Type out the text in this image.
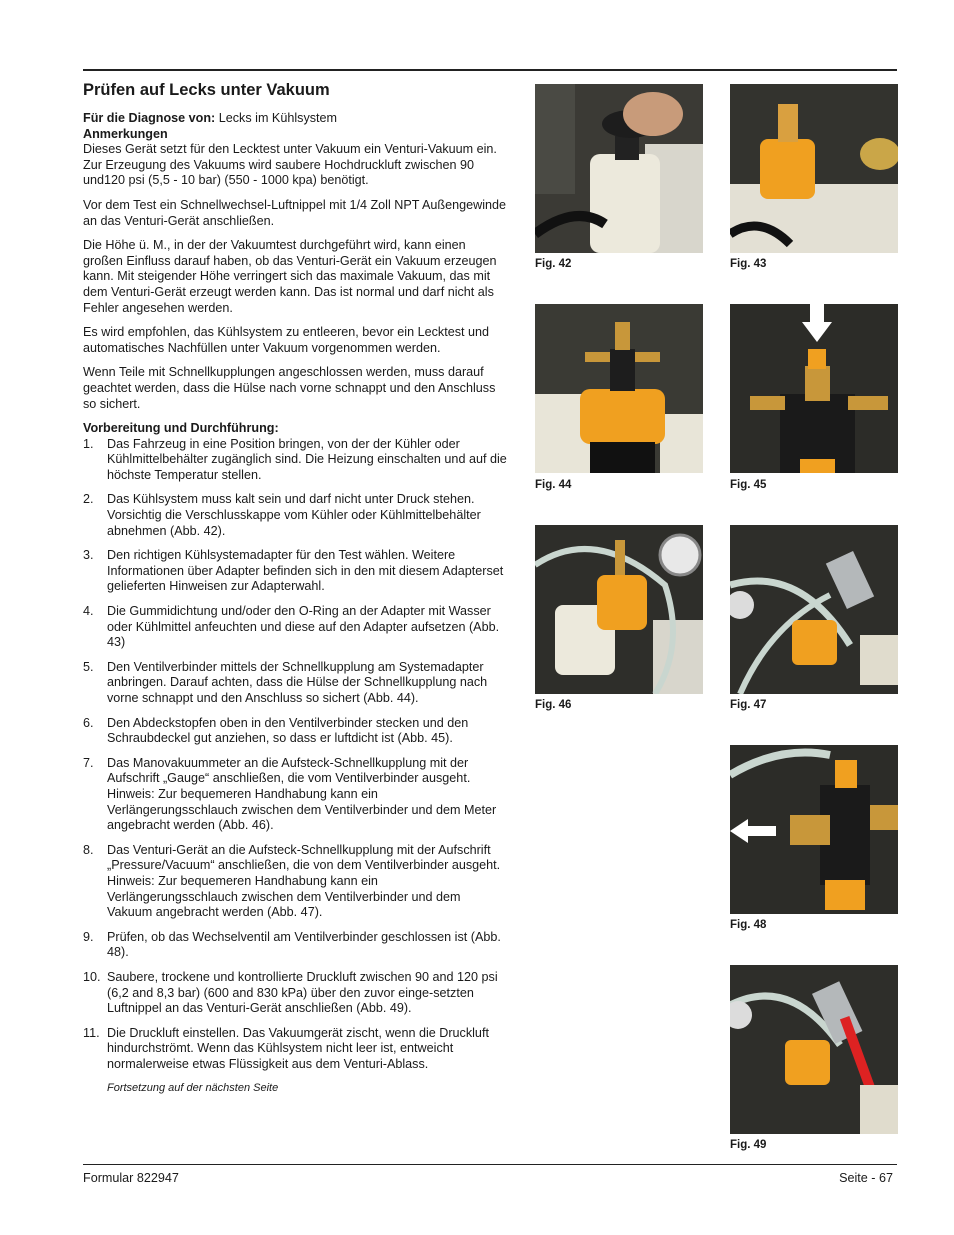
Prüfen auf Lecks unter Vakuum
Für die Diagnose von: Lecks im Kühlsystem
Anmerkungen

Dieses Gerät setzt für den Lecktest unter Vakuum ein Venturi-Vakuum ein. Zur Erzeugung des Vakuums wird saubere Hochdruckluft zwischen 90 und120 psi (5,5 - 10 bar) (550 - 1000 kpa) benötigt.

Vor dem Test ein Schnellwechsel-Luftnippel mit 1/4 Zoll NPT Außengewinde an das Venturi-Gerät anschließen.

Die Höhe ü. M., in der der Vakuumtest durchgeführt wird, kann einen großen Einfluss darauf haben, ob das Venturi-Gerät ein Vakuum erzeugen kann. Mit steigender Höhe verringert sich das maximale Vakuum, das mit dem Venturi-Gerät erzeugt werden kann. Das ist normal und darf nicht als Fehler angesehen werden.

Es wird empfohlen, das Kühlsystem zu entleeren, bevor ein Lecktest und automatisches Nachfüllen unter Vakuum vorgenommen werden.

Wenn Teile mit Schnellkupplungen angeschlossen werden, muss darauf geachtet werden, dass die Hülse nach vorne schnappt und den Anschluss so sichert.

Vorbereitung und Durchführung:
1. Das Fahrzeug in eine Position bringen, von der der Kühler oder Kühlmittelbehälter zugänglich sind. Die Heizung einschalten und auf die höchste Temperatur stellen.
2. Das Kühlsystem muss kalt sein und darf nicht unter Druck stehen. Vorsichtig die Verschlusskappe vom Kühler oder Kühlmittelbehälter abnehmen (Abb. 42).
3. Den richtigen Kühlsystemadapter für den Test wählen. Weitere Informationen über Adapter befinden sich in den mit diesem Adapterset gelieferten Hinweisen zur Adapterwahl.
4. Die Gummidichtung und/oder den O-Ring an der Adapter mit Wasser oder Kühlmittel anfeuchten und diese auf den Adapter aufsetzen (Abb. 43)
5. Den Ventilverbinder mittels der Schnellkupplung am Systemadapter anbringen. Darauf achten, dass die Hülse der Schnellkupplung nach vorne schnappt und den Anschluss so sichert (Abb. 44).
6. Den Abdeckstopfen oben in den Ventilverbinder stecken und den Schraubdeckel gut anziehen, so dass er luftdicht ist (Abb. 45).
7. Das Manovakuummeter an die Aufsteck-Schnellkupplung mit der Aufschrift „Gauge“ anschließen, die vom Ventilverbinder ausgeht. Hinweis: Zur bequemeren Handhabung kann ein Verlängerungsschlauch zwischen dem Ventilverbinder und dem Meter angebracht werden (Abb. 46).
8. Das Venturi-Gerät an die Aufsteck-Schnellkupplung mit der Aufschrift „Pressure/Vacuum“ anschließen, die von dem Ventilverbinder ausgeht. Hinweis: Zur bequemeren Handhabung kann ein Verlängerungsschlauch zwischen dem Ventilverbinder und dem Vakuum angebracht werden (Abb. 47).
9. Prüfen, ob das Wechselventil am Ventilverbinder geschlossen ist (Abb. 48).
10. Saubere, trockene und kontrollierte Druckluft zwischen 90 and 120 psi (6,2 and 8,3 bar) (600 and 830 kPa) über den zuvor einge-setzten Luftnippel an das Venturi-Gerät anschließen (Abb. 49).
11. Die Druckluft einstellen. Das Vakuumgerät zischt, wenn die Druckluft hindurchströmt. Wenn das Kühlsystem nicht leer ist, entweicht normalerweise etwas Flüssigkeit aus dem Venturi-Ablass.
Fortsetzung auf der nächsten Seite
Fig. 42	Fig. 43
Fig. 44	Fig. 45
Fig. 46	Fig. 47
Fig. 48
Fig. 49
Formular 822947	Seite - 67
